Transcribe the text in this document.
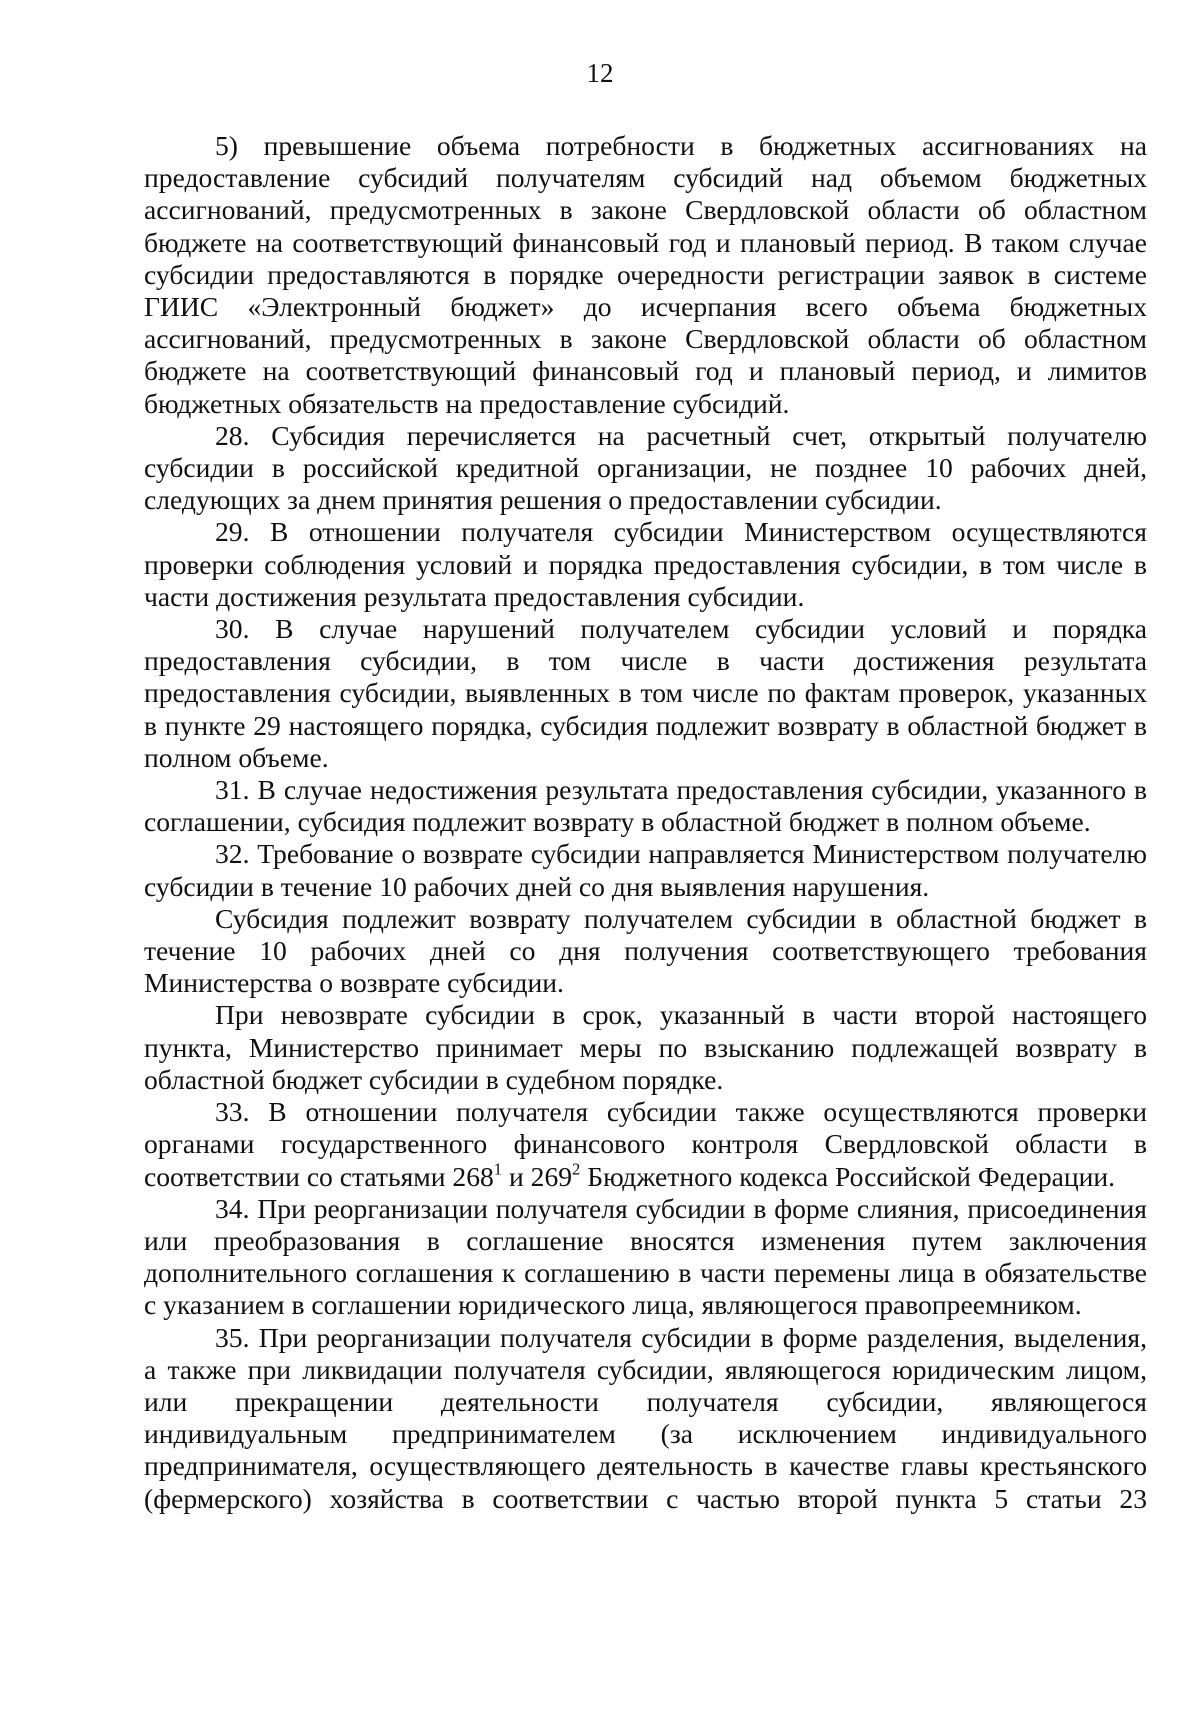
12

5) превышение объема потребности в бюджетных ассигнованиях на предоставление субсидий получателям субсидий над объемом бюджетных ассигнований, предусмотренных в законе Свердловской области об областном бюджете на соответствующий финансовый год и плановый период. В таком случае субсидии предоставляются в порядке очередности регистрации заявок в системе ГИИС «Электронный бюджет» до исчерпания всего объема бюджетных ассигнований, предусмотренных в законе Свердловской области об областном бюджете на соответствующий финансовый год и плановый период, и лимитов бюджетных обязательств на предоставление субсидий.

28. Субсидия перечисляется на расчетный счет, открытый получателю субсидии в российской кредитной организации, не позднее 10 рабочих дней, следующих за днем принятия решения о предоставлении субсидии.

29. В отношении получателя субсидии Министерством осуществляются проверки соблюдения условий и порядка предоставления субсидии, в том числе в части достижения результата предоставления субсидии.

30. В случае нарушений получателем субсидии условий и порядка предоставления субсидии, в том числе в части достижения результата предоставления субсидии, выявленных в том числе по фактам проверок, указанных в пункте 29 настоящего порядка, субсидия подлежит возврату в областной бюджет в полном объеме.

31. В случае недостижения результата предоставления субсидии, указанного в соглашении, субсидия подлежит возврату в областной бюджет в полном объеме.

32. Требование о возврате субсидии направляется Министерством получателю субсидии в течение 10 рабочих дней со дня выявления нарушения.

Субсидия подлежит возврату получателем субсидии в областной бюджет в течение 10 рабочих дней со дня получения соответствующего требования Министерства о возврате субсидии.

При невозврате субсидии в срок, указанный в части второй настоящего пункта, Министерство принимает меры по взысканию подлежащей возврату в областной бюджет субсидии в судебном порядке.

33. В отношении получателя субсидии также осуществляются проверки органами государственного финансового контроля Свердловской области в соответствии со статьями $268^1$ и $269^2$ Бюджетного кодекса Российской Федерации.

34. При реорганизации получателя субсидии в форме слияния, присоединения или преобразования в соглашение вносятся изменения путем заключения дополнительного соглашения к соглашению в части перемены лица в обязательстве с указанием в соглашении юридического лица, являющегося правопреемником.

35. При реорганизации получателя субсидии в форме разделения, выделения, а также при ликвидации получателя субсидии, являющегося юридическим лицом, или прекращении деятельности получателя субсидии, являющегося индивидуальным предпринимателем (за исключением индивидуального предпринимателя, осуществляющего деятельность в качестве главы крестьянского (фермерского) хозяйства в соответствии с частью второй пункта 5 статьи 23
